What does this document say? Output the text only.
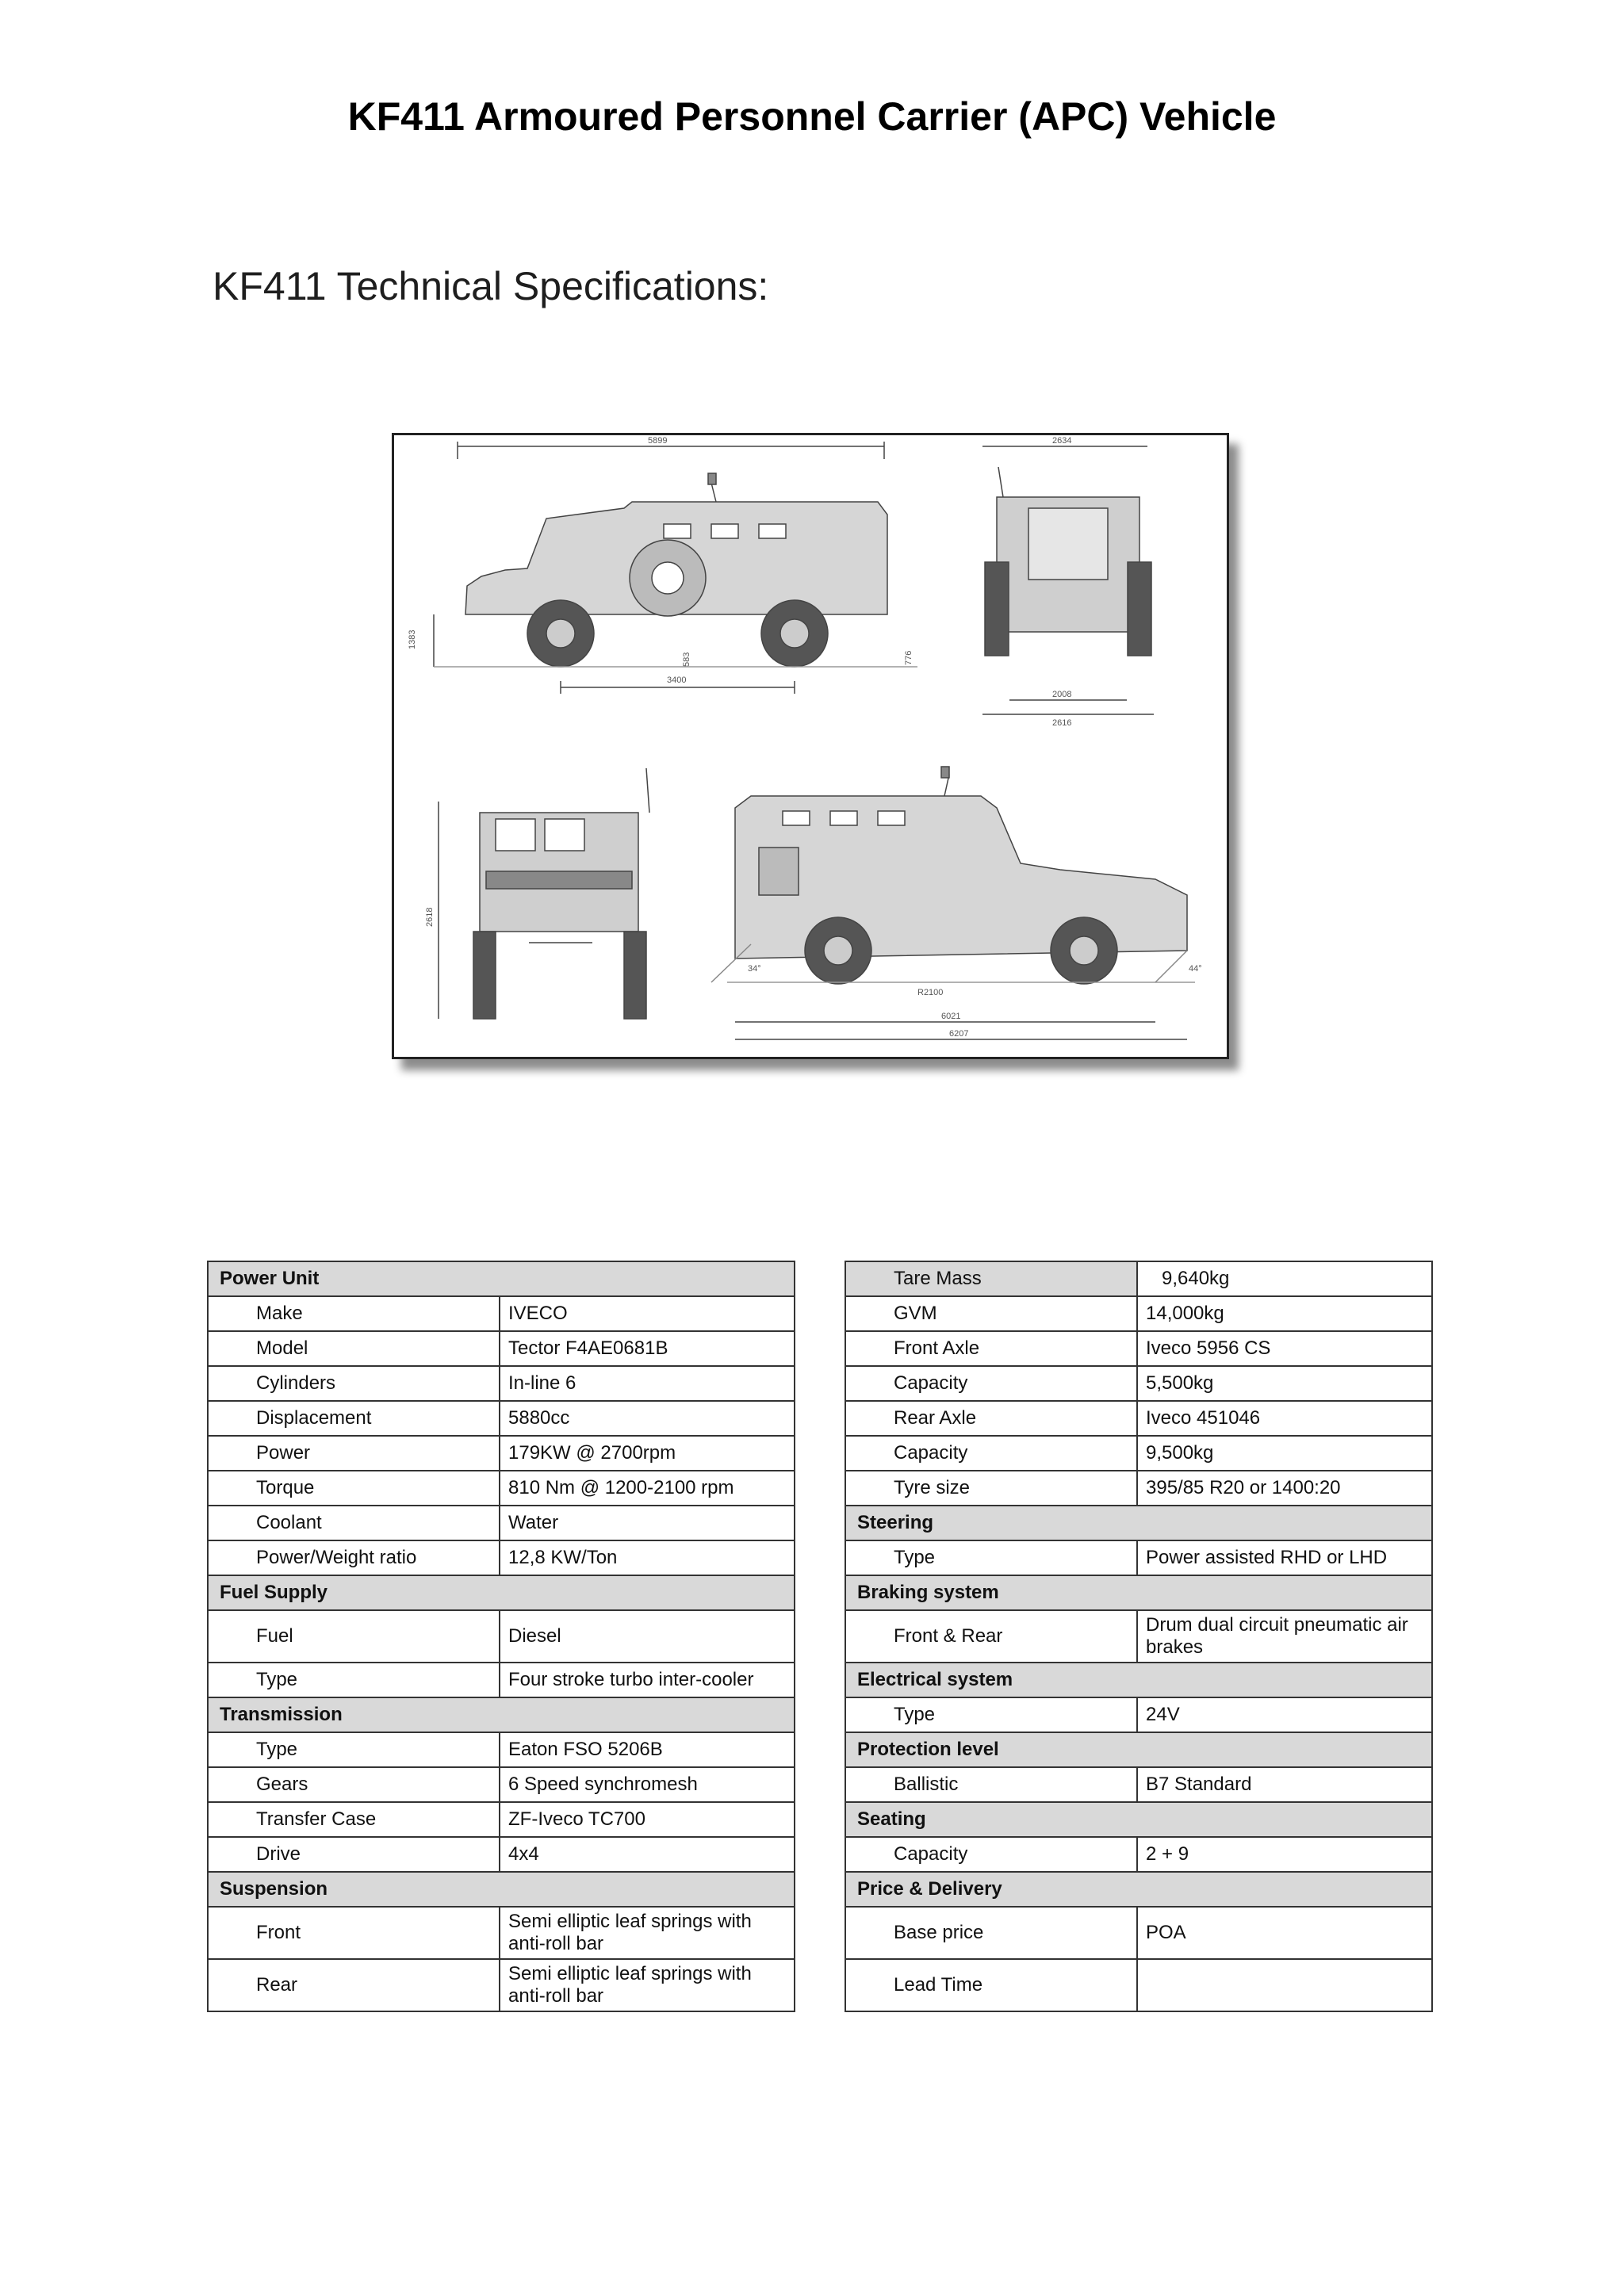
KF411 Armoured Personnel Carrier (APC) Vehicle
KF411 Technical Specifications:
5899	2634
1383
583	776
3400
2008
2616
2618
44°
34°
R2100
6021
6207
Power Unit	
Make	IVECO
Model	Tector F4AE0681B
Cylinders	In-line 6
Displacement	5880cc
Power	179KW @ 2700rpm
Torque	810 Nm @ 1200-2100 rpm
Coolant	Water
Power/Weight ratio	12,8 KW/Ton
Fuel Supply	
Fuel	Diesel
Type	Four stroke turbo inter-cooler
Transmission	
Type	Eaton FSO 5206B
Gears	6 Speed synchromesh
Transfer Case	ZF-Iveco TC700
Drive	4x4
Suspension	
Front	Semi elliptic leaf springs with anti-roll bar
Rear	Semi elliptic leaf springs with anti-roll bar
Tare Mass	9,640kg
GVM	14,000kg
Front Axle	Iveco 5956 CS
Capacity	5,500kg
Rear Axle	Iveco 451046
Capacity	9,500kg
Tyre size	395/85 R20 or 1400:20
Steering	
Type	Power assisted RHD or LHD
Braking system	
Front & Rear	Drum dual circuit pneumatic air brakes
Electrical system	
Type	24V
Protection level	
Ballistic	B7 Standard
Seating	
Capacity	2 + 9
Price & Delivery	
Base price	POA
Lead Time	
